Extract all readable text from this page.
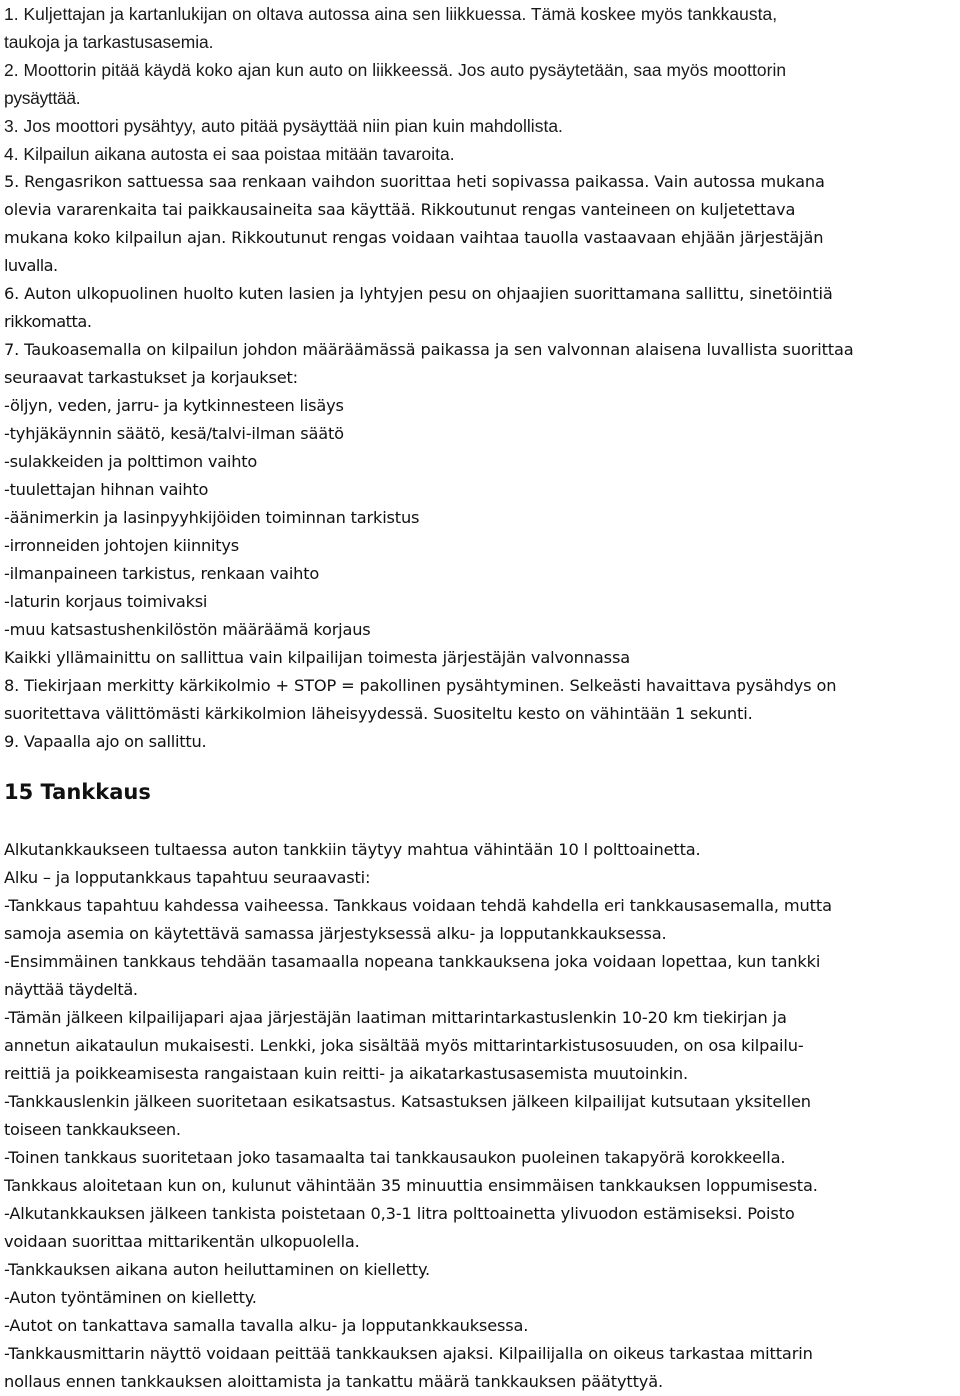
1. Kuljettajan ja kartanlukijan on oltava autossa aina sen liikkuessa. Tämä koskee myös tankkausta,

taukoja ja tarkastusasemia.

2. Moottorin pitää käydä koko ajan kun auto on liikkeessä. Jos auto pysäytetään, saa myös moottorin

pysäyttää.

3. Jos moottori pysähtyy, auto pitää pysäyttää niin pian kuin mahdollista.

4. Kilpailun aikana autosta ei saa poistaa mitään tavaroita.

5. Rengasrikon sattuessa saa renkaan vaihdon suorittaa heti sopivassa paikassa. Vain autossa mukana

olevia vararenkaita tai paikkausaineita saa käyttää. Rikkoutunut rengas vanteineen on kuljetettava

mukana koko kilpailun ajan. Rikkoutunut rengas voidaan vaihtaa tauolla vastaavaan ehjään järjestäjän

luvalla.

6. Auton ulkopuolinen huolto kuten lasien ja lyhtyjen pesu on ohjaajien suorittamana sallittu, sinetöintiä

rikkomatta.

7. Taukoasemalla on kilpailun johdon määräämässä paikassa ja sen valvonnan alaisena luvallista suorittaa

seuraavat tarkastukset ja korjaukset:

-öljyn, veden, jarru- ja kytkinnesteen lisäys

-tyhjäkäynnin säätö, kesä/talvi-ilman säätö

-sulakkeiden ja polttimon vaihto

-tuulettajan hihnan vaihto

-äänimerkin ja lasinpyyhkijöiden toiminnan tarkistus

-irronneiden johtojen kiinnitys

-ilmanpaineen tarkistus, renkaan vaihto

-laturin korjaus toimivaksi

-muu katsastushenkilöstön määräämä korjaus

Kaikki yllämainittu on sallittua vain kilpailijan toimesta järjestäjän valvonnassa

8. Tiekirjaan merkitty kärkikolmio + STOP = pakollinen pysähtyminen. Selkeästi havaittava pysähdys on

suoritettava välittömästi kärkikolmion läheisyydessä. Suositeltu kesto on vähintään 1 sekunti.

9. Vapaalla ajo on sallittu.

15 Tankkaus

Alkutankkaukseen tultaessa auton tankkiin täytyy mahtua vähintään 10 l polttoainetta.

Alku – ja lopputankkaus tapahtuu seuraavasti:

-Tankkaus tapahtuu kahdessa vaiheessa. Tankkaus voidaan tehdä kahdella eri tankkausasemalla, mutta

samoja asemia on käytettävä samassa järjestyksessä alku- ja lopputankkauksessa.

-Ensimmäinen tankkaus tehdään tasamaalla nopeana tankkauksena joka voidaan lopettaa, kun tankki

näyttää täydeltä.

-Tämän jälkeen kilpailijapari ajaa järjestäjän laatiman mittarintarkastuslenkin 10-20 km tiekirjan ja

annetun aikataulun mukaisesti. Lenkki, joka sisältää myös mittarintarkistusosuuden, on osa kilpailu-

reittiä ja poikkeamisesta rangaistaan kuin reitti- ja aikatarkastusasemista muutoinkin.

-Tankkauslenkin jälkeen suoritetaan esikatsastus. Katsastuksen jälkeen kilpailijat kutsutaan yksitellen

toiseen tankkaukseen.

-Toinen tankkaus suoritetaan joko tasamaalta tai tankkausaukon puoleinen takapyörä korokkeella.

Tankkaus aloitetaan kun on, kulunut vähintään 35 minuuttia ensimmäisen tankkauksen loppumisesta.

-Alkutankkauksen jälkeen tankista poistetaan 0,3-1 litra polttoainetta ylivuodon estämiseksi. Poisto

voidaan suorittaa mittarikentän ulkopuolella.

-Tankkauksen aikana auton heiluttaminen on kielletty.

-Auton työntäminen on kielletty.

-Autot on tankattava samalla tavalla alku- ja lopputankkauksessa.

-Tankkausmittarin näyttö voidaan peittää tankkauksen ajaksi. Kilpailijalla on oikeus tarkastaa mittarin

nollaus ennen tankkauksen aloittamista ja tankattu määrä tankkauksen päätyttyä.
